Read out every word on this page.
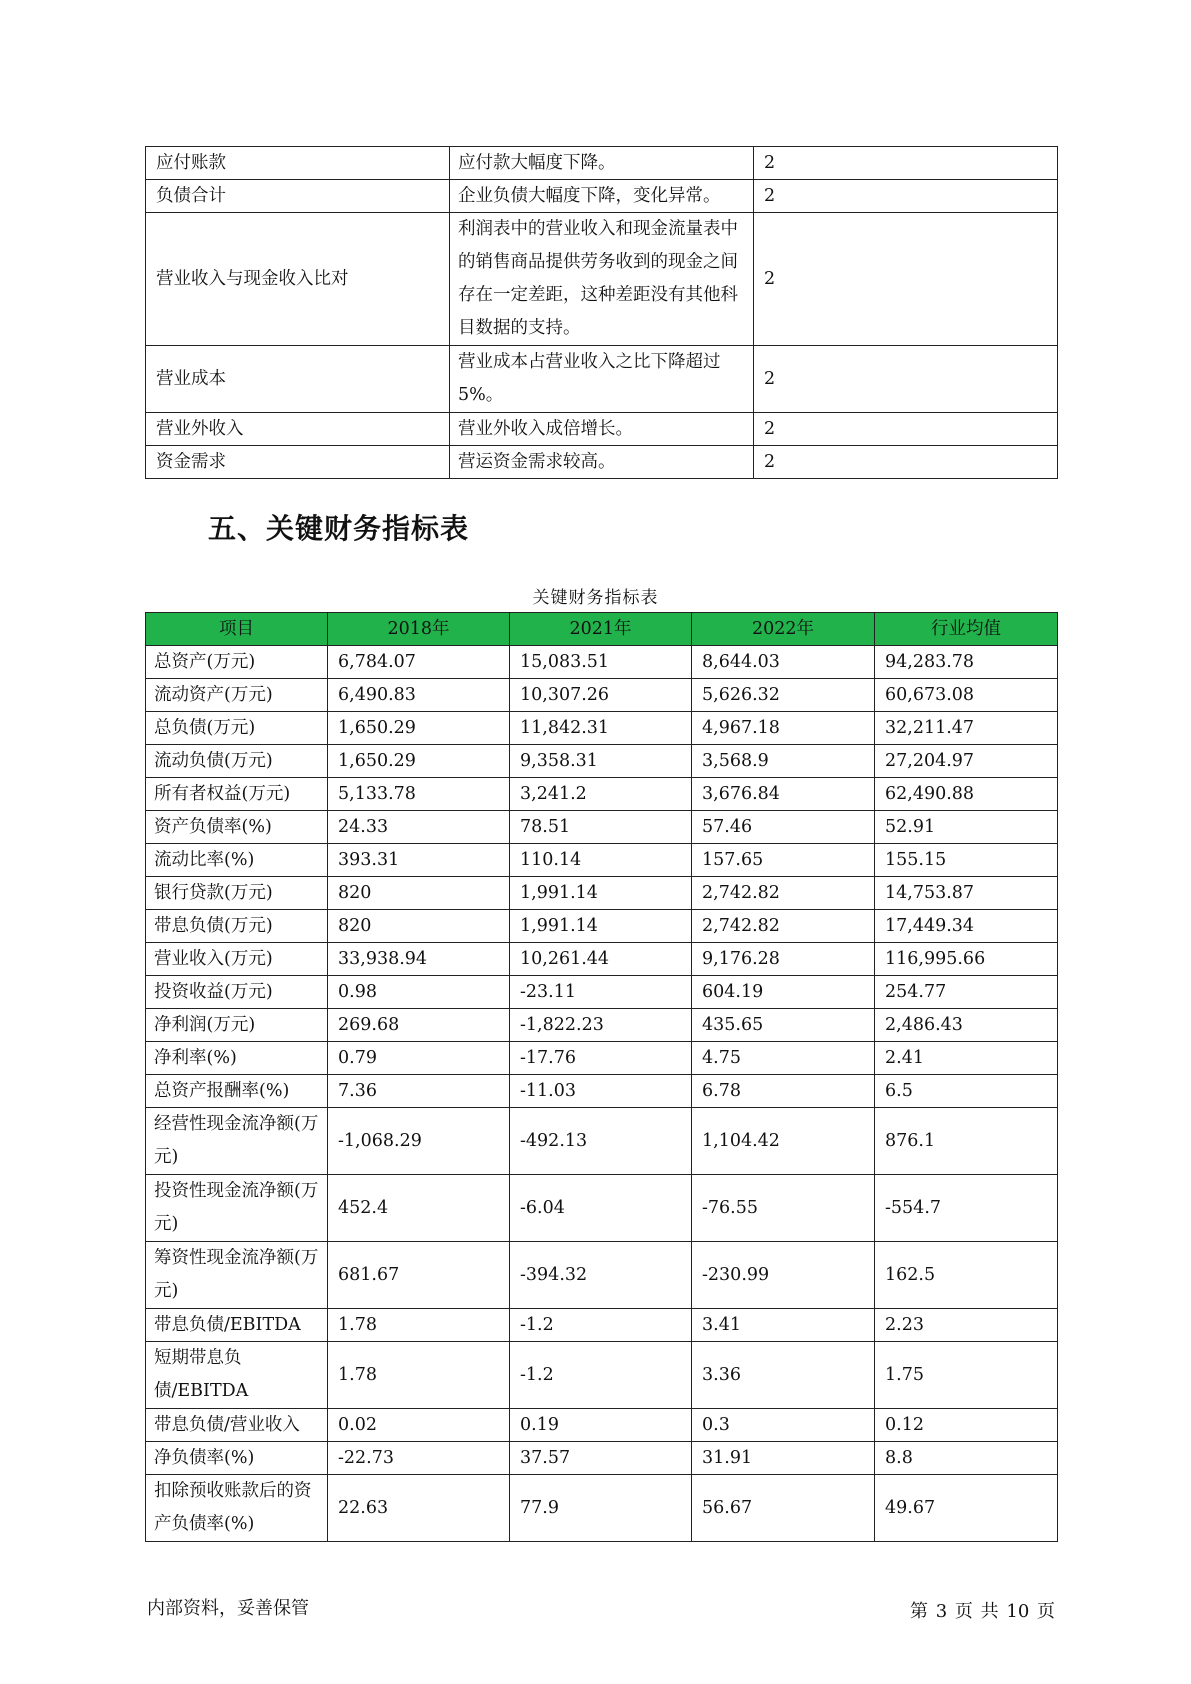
应付账款	应付款大幅度下降。	2
负债合计	企业负债大幅度下降，变化异常。	2
营业收入与现金收入比对	利润表中的营业收入和现金流量表中的销售商品提供劳务收到的现金之间存在一定差距，这种差距没有其他科目数据的支持。	2
营业成本	营业成本占营业收入之比下降超过5%。	2
营业外收入	营业外收入成倍增长。	2
资金需求	营运资金需求较高。	2
五、关键财务指标表
关键财务指标表
项目	2018年	2021年	2022年	行业均值
总资产(万元)	6,784.07	15,083.51	8,644.03	94,283.78
流动资产(万元)	6,490.83	10,307.26	5,626.32	60,673.08
总负债(万元)	1,650.29	11,842.31	4,967.18	32,211.47
流动负债(万元)	1,650.29	9,358.31	3,568.9	27,204.97
所有者权益(万元)	5,133.78	3,241.2	3,676.84	62,490.88
资产负债率(%)	24.33	78.51	57.46	52.91
流动比率(%)	393.31	110.14	157.65	155.15
银行贷款(万元)	820	1,991.14	2,742.82	14,753.87
带息负债(万元)	820	1,991.14	2,742.82	17,449.34
营业收入(万元)	33,938.94	10,261.44	9,176.28	116,995.66
投资收益(万元)	0.98	-23.11	604.19	254.77
净利润(万元)	269.68	-1,822.23	435.65	2,486.43
净利率(%)	0.79	-17.76	4.75	2.41
总资产报酬率(%)	7.36	-11.03	6.78	6.5
经营性现金流净额(万元)	-1,068.29	-492.13	1,104.42	876.1
投资性现金流净额(万元)	452.4	-6.04	-76.55	-554.7
筹资性现金流净额(万元)	681.67	-394.32	-230.99	162.5
带息负债/EBITDA	1.78	-1.2	3.41	2.23
短期带息负债/EBITDA	1.78	-1.2	3.36	1.75
带息负债/营业收入	0.02	0.19	0.3	0.12
净负债率(%)	-22.73	37.57	31.91	8.8
扣除预收账款后的资产负债率(%)	22.63	77.9	56.67	49.67
内部资料，妥善保管	第 3 页 共 10 页
